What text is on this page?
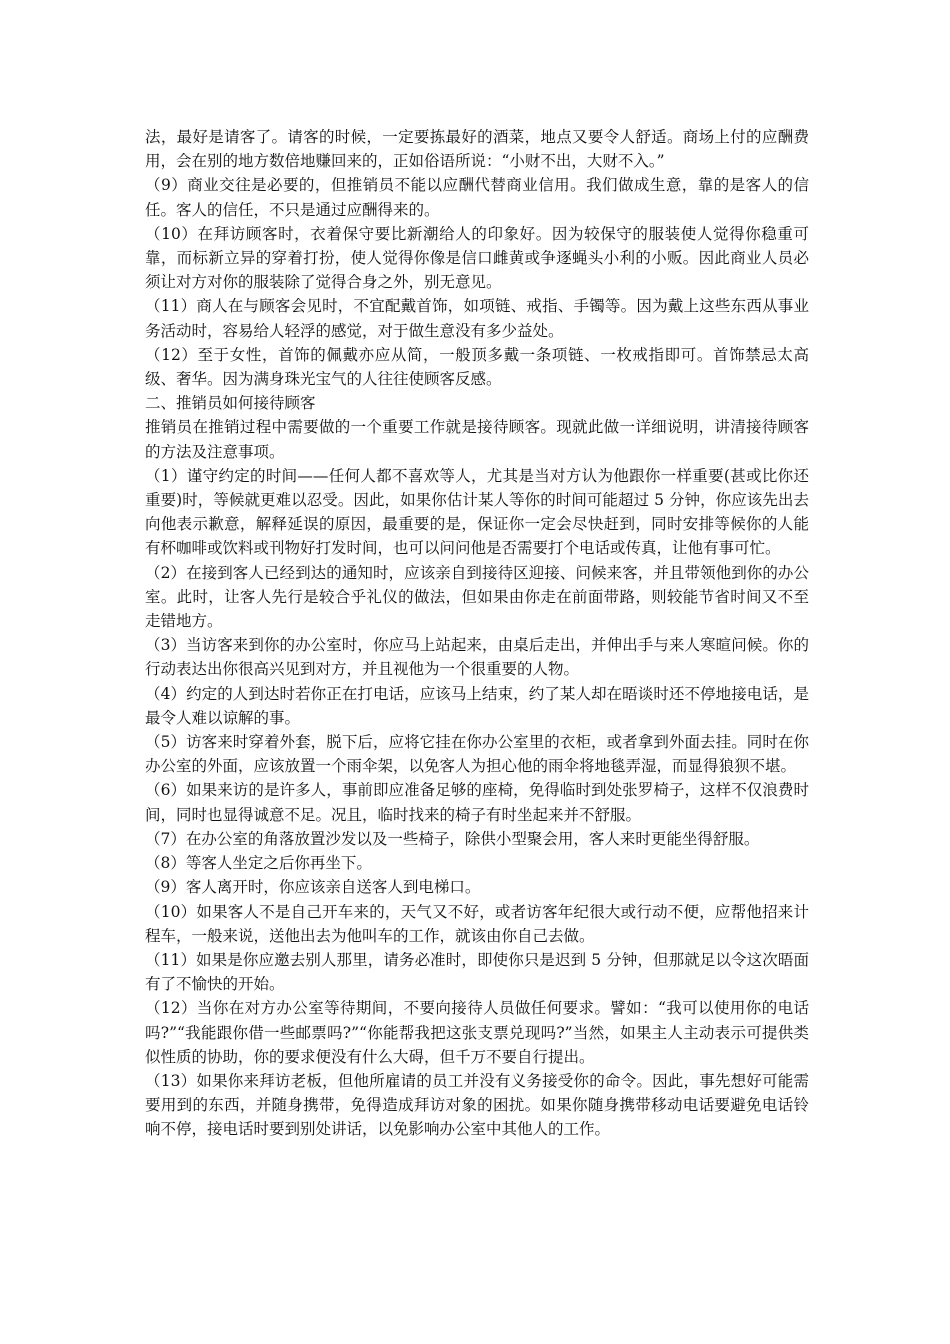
法，最好是请客了。请客的时候，一定要拣最好的酒菜，地点又要令人舒适。商场上付的应酬费用，会在别的地方数倍地赚回来的，正如俗语所说：“小财不出，大财不入。”

（9）商业交往是必要的，但推销员不能以应酬代替商业信用。我们做成生意，靠的是客人的信任。客人的信任，不只是通过应酬得来的。

（10）在拜访顾客时，衣着保守要比新潮给人的印象好。因为较保守的服装使人觉得你稳重可靠，而标新立异的穿着打扮，使人觉得你像是信口雌黄或争逐蝇头小利的小贩。因此商业人员必须让对方对你的服装除了觉得合身之外，别无意见。

（11）商人在与顾客会见时，不宜配戴首饰，如项链、戒指、手镯等。因为戴上这些东西从事业务活动时，容易给人轻浮的感觉，对于做生意没有多少益处。

（12）至于女性，首饰的佩戴亦应从简，一般顶多戴一条项链、一枚戒指即可。首饰禁忌太高级、奢华。因为满身珠光宝气的人往往使顾客反感。

二、推销员如何接待顾客

推销员在推销过程中需要做的一个重要工作就是接待顾客。现就此做一详细说明，讲清接待顾客的方法及注意事项。

（1）谨守约定的时间——任何人都不喜欢等人，尤其是当对方认为他跟你一样重要(甚或比你还重要)时，等候就更难以忍受。因此，如果你估计某人等你的时间可能超过 5 分钟，你应该先出去向他表示歉意，解释延误的原因，最重要的是，保证你一定会尽快赶到，同时安排等候你的人能有杯咖啡或饮料或刊物好打发时间，也可以问问他是否需要打个电话或传真，让他有事可忙。

（2）在接到客人已经到达的通知时，应该亲自到接待区迎接、问候来客，并且带领他到你的办公室。此时，让客人先行是较合乎礼仪的做法，但如果由你走在前面带路，则较能节省时间又不至走错地方。

（3）当访客来到你的办公室时，你应马上站起来，由桌后走出，并伸出手与来人寒暄问候。你的行动表达出你很高兴见到对方，并且视他为一个很重要的人物。

（4）约定的人到达时若你正在打电话，应该马上结束，约了某人却在晤谈时还不停地接电话，是最令人难以谅解的事。

（5）访客来时穿着外套，脱下后，应将它挂在你办公室里的衣柜，或者拿到外面去挂。同时在你办公室的外面，应该放置一个雨伞架，以免客人为担心他的雨伞将地毯弄湿，而显得狼狈不堪。

（6）如果来访的是许多人，事前即应准备足够的座椅，免得临时到处张罗椅子，这样不仅浪费时间，同时也显得诚意不足。况且，临时找来的椅子有时坐起来并不舒服。

（7）在办公室的角落放置沙发以及一些椅子，除供小型聚会用，客人来时更能坐得舒服。

（8）等客人坐定之后你再坐下。

（9）客人离开时，你应该亲自送客人到电梯口。

（10）如果客人不是自己开车来的，天气又不好，或者访客年纪很大或行动不便，应帮他招来计程车，一般来说，送他出去为他叫车的工作，就该由你自己去做。

（11）如果是你应邀去别人那里，请务必准时，即使你只是迟到 5 分钟，但那就足以令这次晤面有了不愉快的开始。

（12）当你在对方办公室等待期间，不要向接待人员做任何要求。譬如：“我可以使用你的电话吗?”“我能跟你借一些邮票吗?”“你能帮我把这张支票兑现吗?”当然，如果主人主动表示可提供类似性质的协助，你的要求便没有什么大碍，但千万不要自行提出。

（13）如果你来拜访老板，但他所雇请的员工并没有义务接受你的命令。因此，事先想好可能需要用到的东西，并随身携带，免得造成拜访对象的困扰。如果你随身携带移动电话要避免电话铃响不停，接电话时要到别处讲话，以免影响办公室中其他人的工作。
